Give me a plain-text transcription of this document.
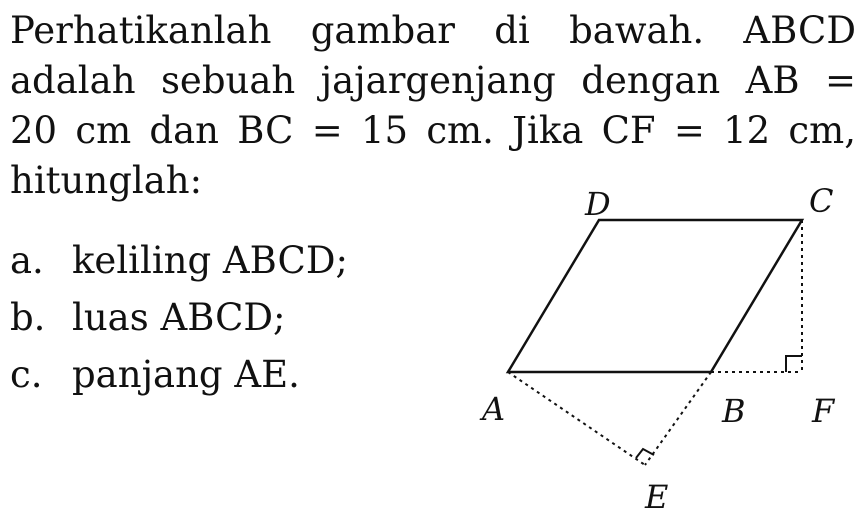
Perhatikanlah gambar di bawah. ABCD
adalah sebuah jajargenjang dengan AB =
20 cm dan BC = 15 cm. Jika CF = 12 cm,
hitunglah:
a. keliling ABCD;
b. luas ABCD;
c. panjang AE.
A	B
C
D
E
F
